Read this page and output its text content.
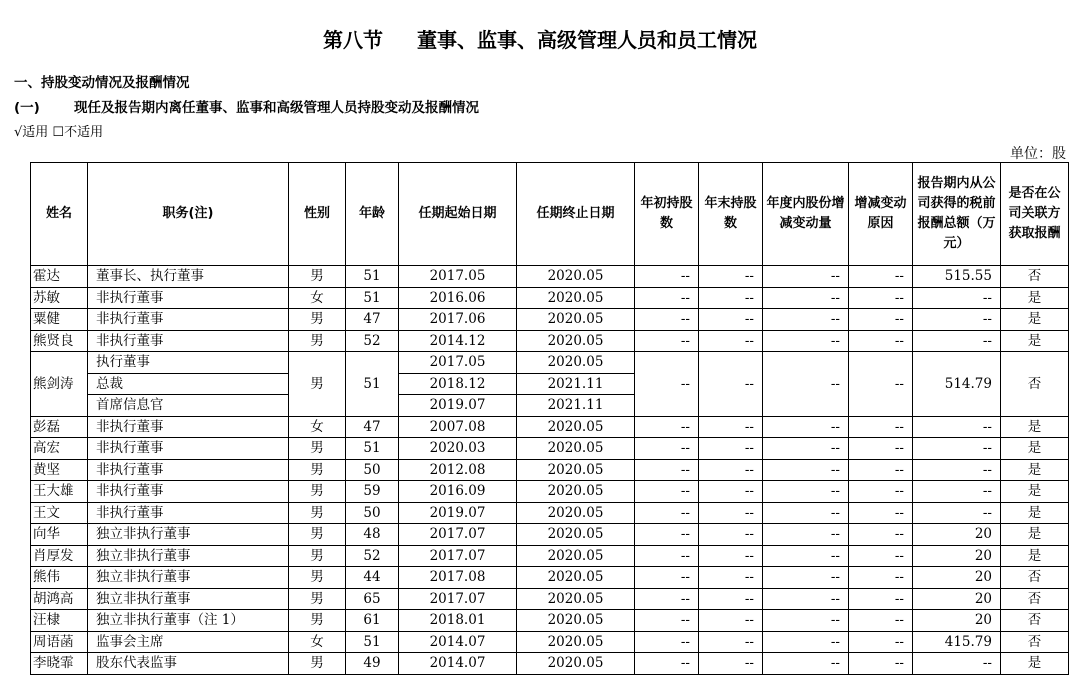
第八节 董事、监事、高级管理人员和员工情况
一、持股变动情况及报酬情况
(一)	现任及报告期内离任董事、监事和高级管理人员持股变动及报酬情况
√适用 ☐不适用
单位：股
姓名	职务(注)	性别	年龄	任期起始日期	任期终止日期	年初持股数	年末持股数	年度内股份增减变动量	增减变动原因	报告期内从公司获得的税前报酬总额（万元）	是否在公司关联方获取报酬
霍达	董事长、执行董事	男	51	2017.05	2020.05	--	--	--	--	515.55	否
苏敏	非执行董事	女	51	2016.06	2020.05	--	--	--	--	--	是
粟健	非执行董事	男	47	2017.06	2020.05	--	--	--	--	--	是
熊贤良	非执行董事	男	52	2014.12	2020.05	--	--	--	--	--	是
熊剑涛	执行董事	男	51	2017.05	2020.05	--	--	--	--	514.79	否
	总裁			2018.12	2021.11						
	首席信息官			2019.07	2021.11						
彭磊	非执行董事	女	47	2007.08	2020.05	--	--	--	--	--	是
高宏	非执行董事	男	51	2020.03	2020.05	--	--	--	--	--	是
黄坚	非执行董事	男	50	2012.08	2020.05	--	--	--	--	--	是
王大雄	非执行董事	男	59	2016.09	2020.05	--	--	--	--	--	是
王文	非执行董事	男	50	2019.07	2020.05	--	--	--	--	--	是
向华	独立非执行董事	男	48	2017.07	2020.05	--	--	--	--	20	是
肖厚发	独立非执行董事	男	52	2017.07	2020.05	--	--	--	--	20	是
熊伟	独立非执行董事	男	44	2017.08	2020.05	--	--	--	--	20	否
胡鸿高	独立非执行董事	男	65	2017.07	2020.05	--	--	--	--	20	否
汪棣	独立非执行董事（注 1）	男	61	2018.01	2020.05	--	--	--	--	20	否
周语菡	监事会主席	女	51	2014.07	2020.05	--	--	--	--	415.79	否
李晓霏	股东代表监事	男	49	2014.07	2020.05	--	--	--	--	--	是
